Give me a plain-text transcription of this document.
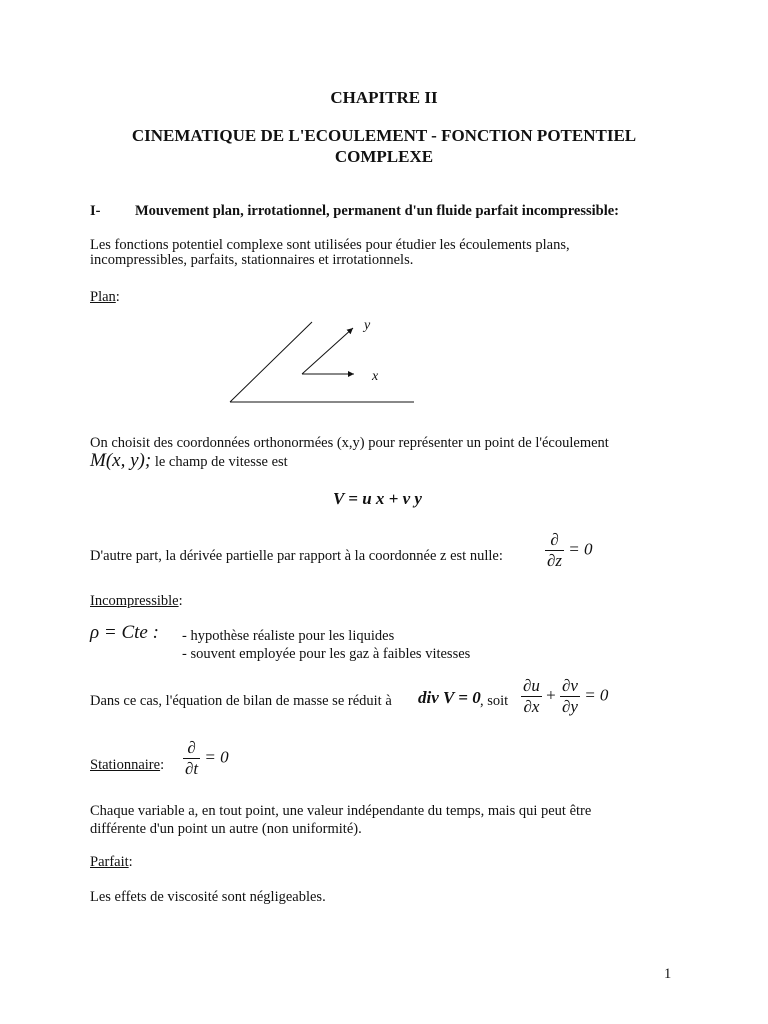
CHAPITRE II
CINEMATIQUE DE L'ECOULEMENT - FONCTION POTENTIEL
COMPLEXE
I- Mouvement plan, irrotationnel, permanent d'un fluide parfait incompressible:
Les fonctions potentiel complexe sont utilisées pour étudier les écoulements plans,
incompressibles, parfaits, stationnaires et irrotationnels.
Plan:
y
x
On choisit des coordonnées orthonormées (x,y) pour représenter un point de l'écoulement
M(x, y); le champ de vitesse est
V = u x + v y
D'autre part, la dérivée partielle par rapport à la coordonnée z est nulle: $\frac{\partial}{\partial z} = 0$
Incompressible:
ρ = Cte : - hypothèse réaliste pour les liquides
- souvent employée pour les gaz à faibles vitesses
Dans ce cas, l'équation de bilan de masse se réduit à div V = 0 , soit $\frac{\partial u}{\partial x} + \frac{\partial v}{\partial y} = 0$
Stationnaire: $\frac{\partial}{\partial t} = 0$
Chaque variable a, en tout point, une valeur indépendante du temps, mais qui peut être
différente d'un point un autre (non uniformité).
Parfait:
Les effets de viscosité sont négligeables.
1
